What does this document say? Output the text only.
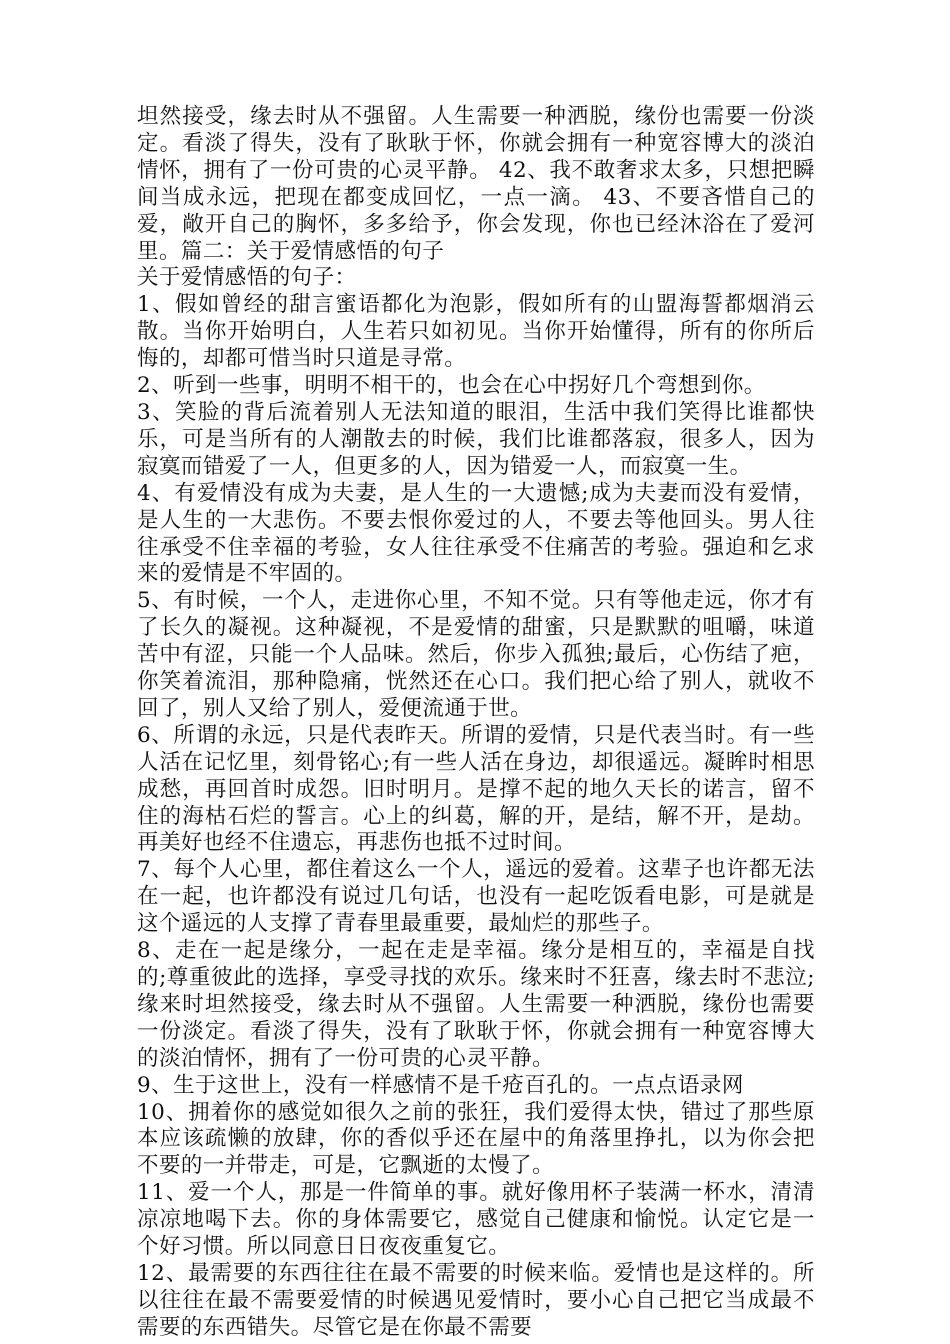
坦然接受，缘去时从不强留。人生需要一种洒脱，缘份也需要一份淡定。看淡了得失，没有了耿耿于怀，你就会拥有一种宽容博大的淡泊情怀，拥有了一份可贵的心灵平静。 42、我不敢奢求太多，只想把瞬间当成永远，把现在都变成回忆，一点一滴。 43、不要吝惜自己的爱，敞开自己的胸怀，多多给予，你会发现，你也已经沐浴在了爱河里。篇二：关于爱情感悟的句子

关于爱情感悟的句子：

1、假如曾经的甜言蜜语都化为泡影，假如所有的山盟海誓都烟消云散。当你开始明白，人生若只如初见。当你开始懂得，所有的你所后悔的，却都可惜当时只道是寻常。

2、听到一些事，明明不相干的，也会在心中拐好几个弯想到你。

3、笑脸的背后流着别人无法知道的眼泪，生活中我们笑得比谁都快乐，可是当所有的人潮散去的时候，我们比谁都落寂，很多人，因为寂寞而错爱了一人，但更多的人，因为错爱一人，而寂寞一生。

4、有爱情没有成为夫妻，是人生的一大遗憾;成为夫妻而没有爱情，是人生的一大悲伤。不要去恨你爱过的人，不要去等他回头。男人往往承受不住幸福的考验，女人往往承受不住痛苦的考验。强迫和乞求来的爱情是不牢固的。

5、有时候，一个人，走进你心里，不知不觉。只有等他走远，你才有了长久的凝视。这种凝视，不是爱情的甜蜜，只是默默的咀嚼，味道苦中有涩，只能一个人品味。然后，你步入孤独;最后，心伤结了疤，你笑着流泪，那种隐痛，恍然还在心口。我们把心给了别人，就收不回了，别人又给了别人，爱便流通于世。

6、所谓的永远，只是代表昨天。所谓的爱情，只是代表当时。有一些人活在记忆里，刻骨铭心;有一些人活在身边，却很遥远。凝眸时相思成愁，再回首时成怨。旧时明月。是撑不起的地久天长的诺言，留不住的海枯石烂的誓言。心上的纠葛，解的开，是结，解不开，是劫。再美好也经不住遗忘，再悲伤也抵不过时间。

7、每个人心里，都住着这么一个人，遥远的爱着。这辈子也许都无法在一起，也许都没有说过几句话，也没有一起吃饭看电影，可是就是这个遥远的人支撑了青春里最重要，最灿烂的那些子。

8、走在一起是缘分，一起在走是幸福。缘分是相互的，幸福是自找的;尊重彼此的选择，享受寻找的欢乐。缘来时不狂喜，缘去时不悲泣;缘来时坦然接受，缘去时从不强留。人生需要一种洒脱，缘份也需要一份淡定。看淡了得失，没有了耿耿于怀，你就会拥有一种宽容博大的淡泊情怀，拥有了一份可贵的心灵平静。

9、生于这世上，没有一样感情不是千疮百孔的。一点点语录网

10、拥着你的感觉如很久之前的张狂，我们爱得太快，错过了那些原本应该疏懒的放肆，你的香似乎还在屋中的角落里挣扎，以为你会把不要的一并带走，可是，它飘逝的太慢了。

11、爱一个人，那是一件简单的事。就好像用杯子装满一杯水，清清凉凉地喝下去。你的身体需要它，感觉自己健康和愉悦。认定它是一个好习惯。所以同意日日夜夜重复它。

12、最需要的东西往往在最不需要的时候来临。爱情也是这样的。所以往往在最不需要爱情的时候遇见爱情时，要小心自己把它当成最不需要的东西错失。尽管它是在你最不需要
